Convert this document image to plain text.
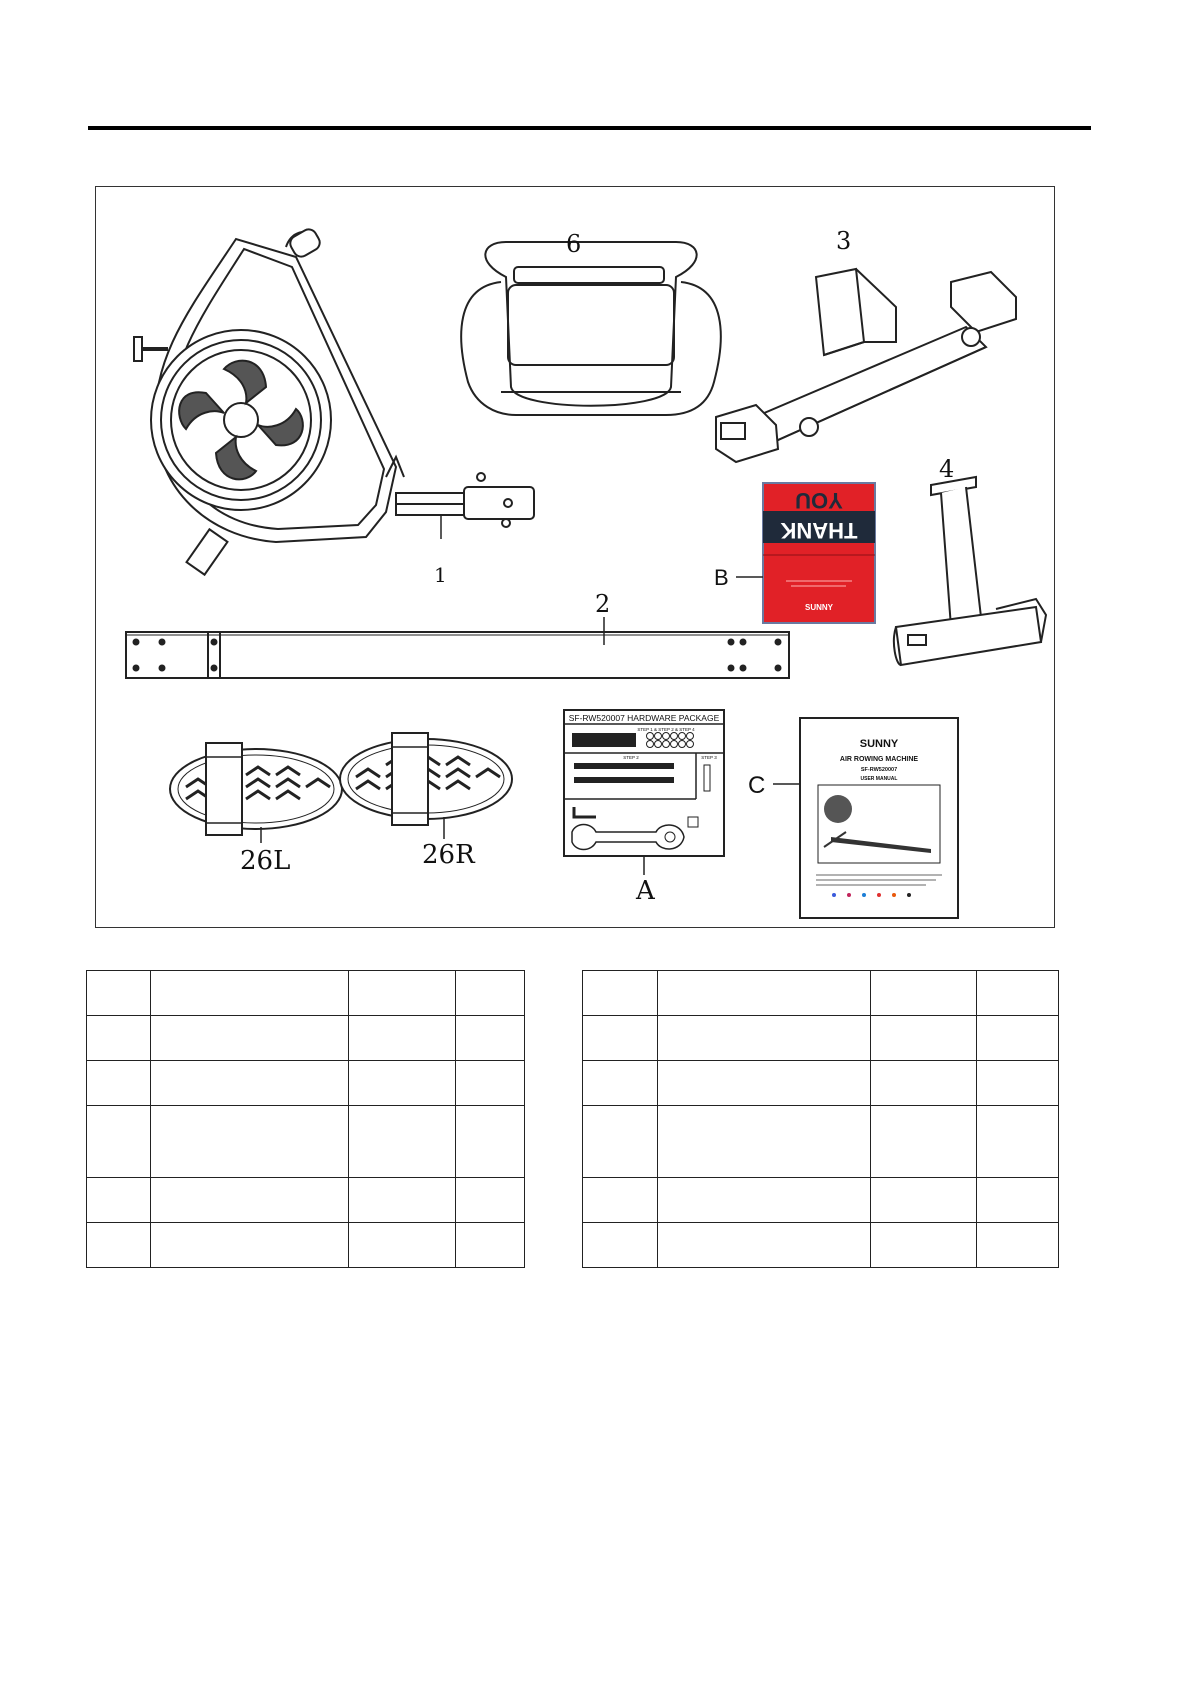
1
6	3
THANK
YOU
SUNNY
B
4
2
26L	26R
SF-RW520007 HARDWARE PACKAGE
STEP 1 & STEP 2 & STEP 4
STEP 2	STEP 3
A
SUNNY
AIR ROWING MACHINE
SF-RW520007
USER MANUAL
C
